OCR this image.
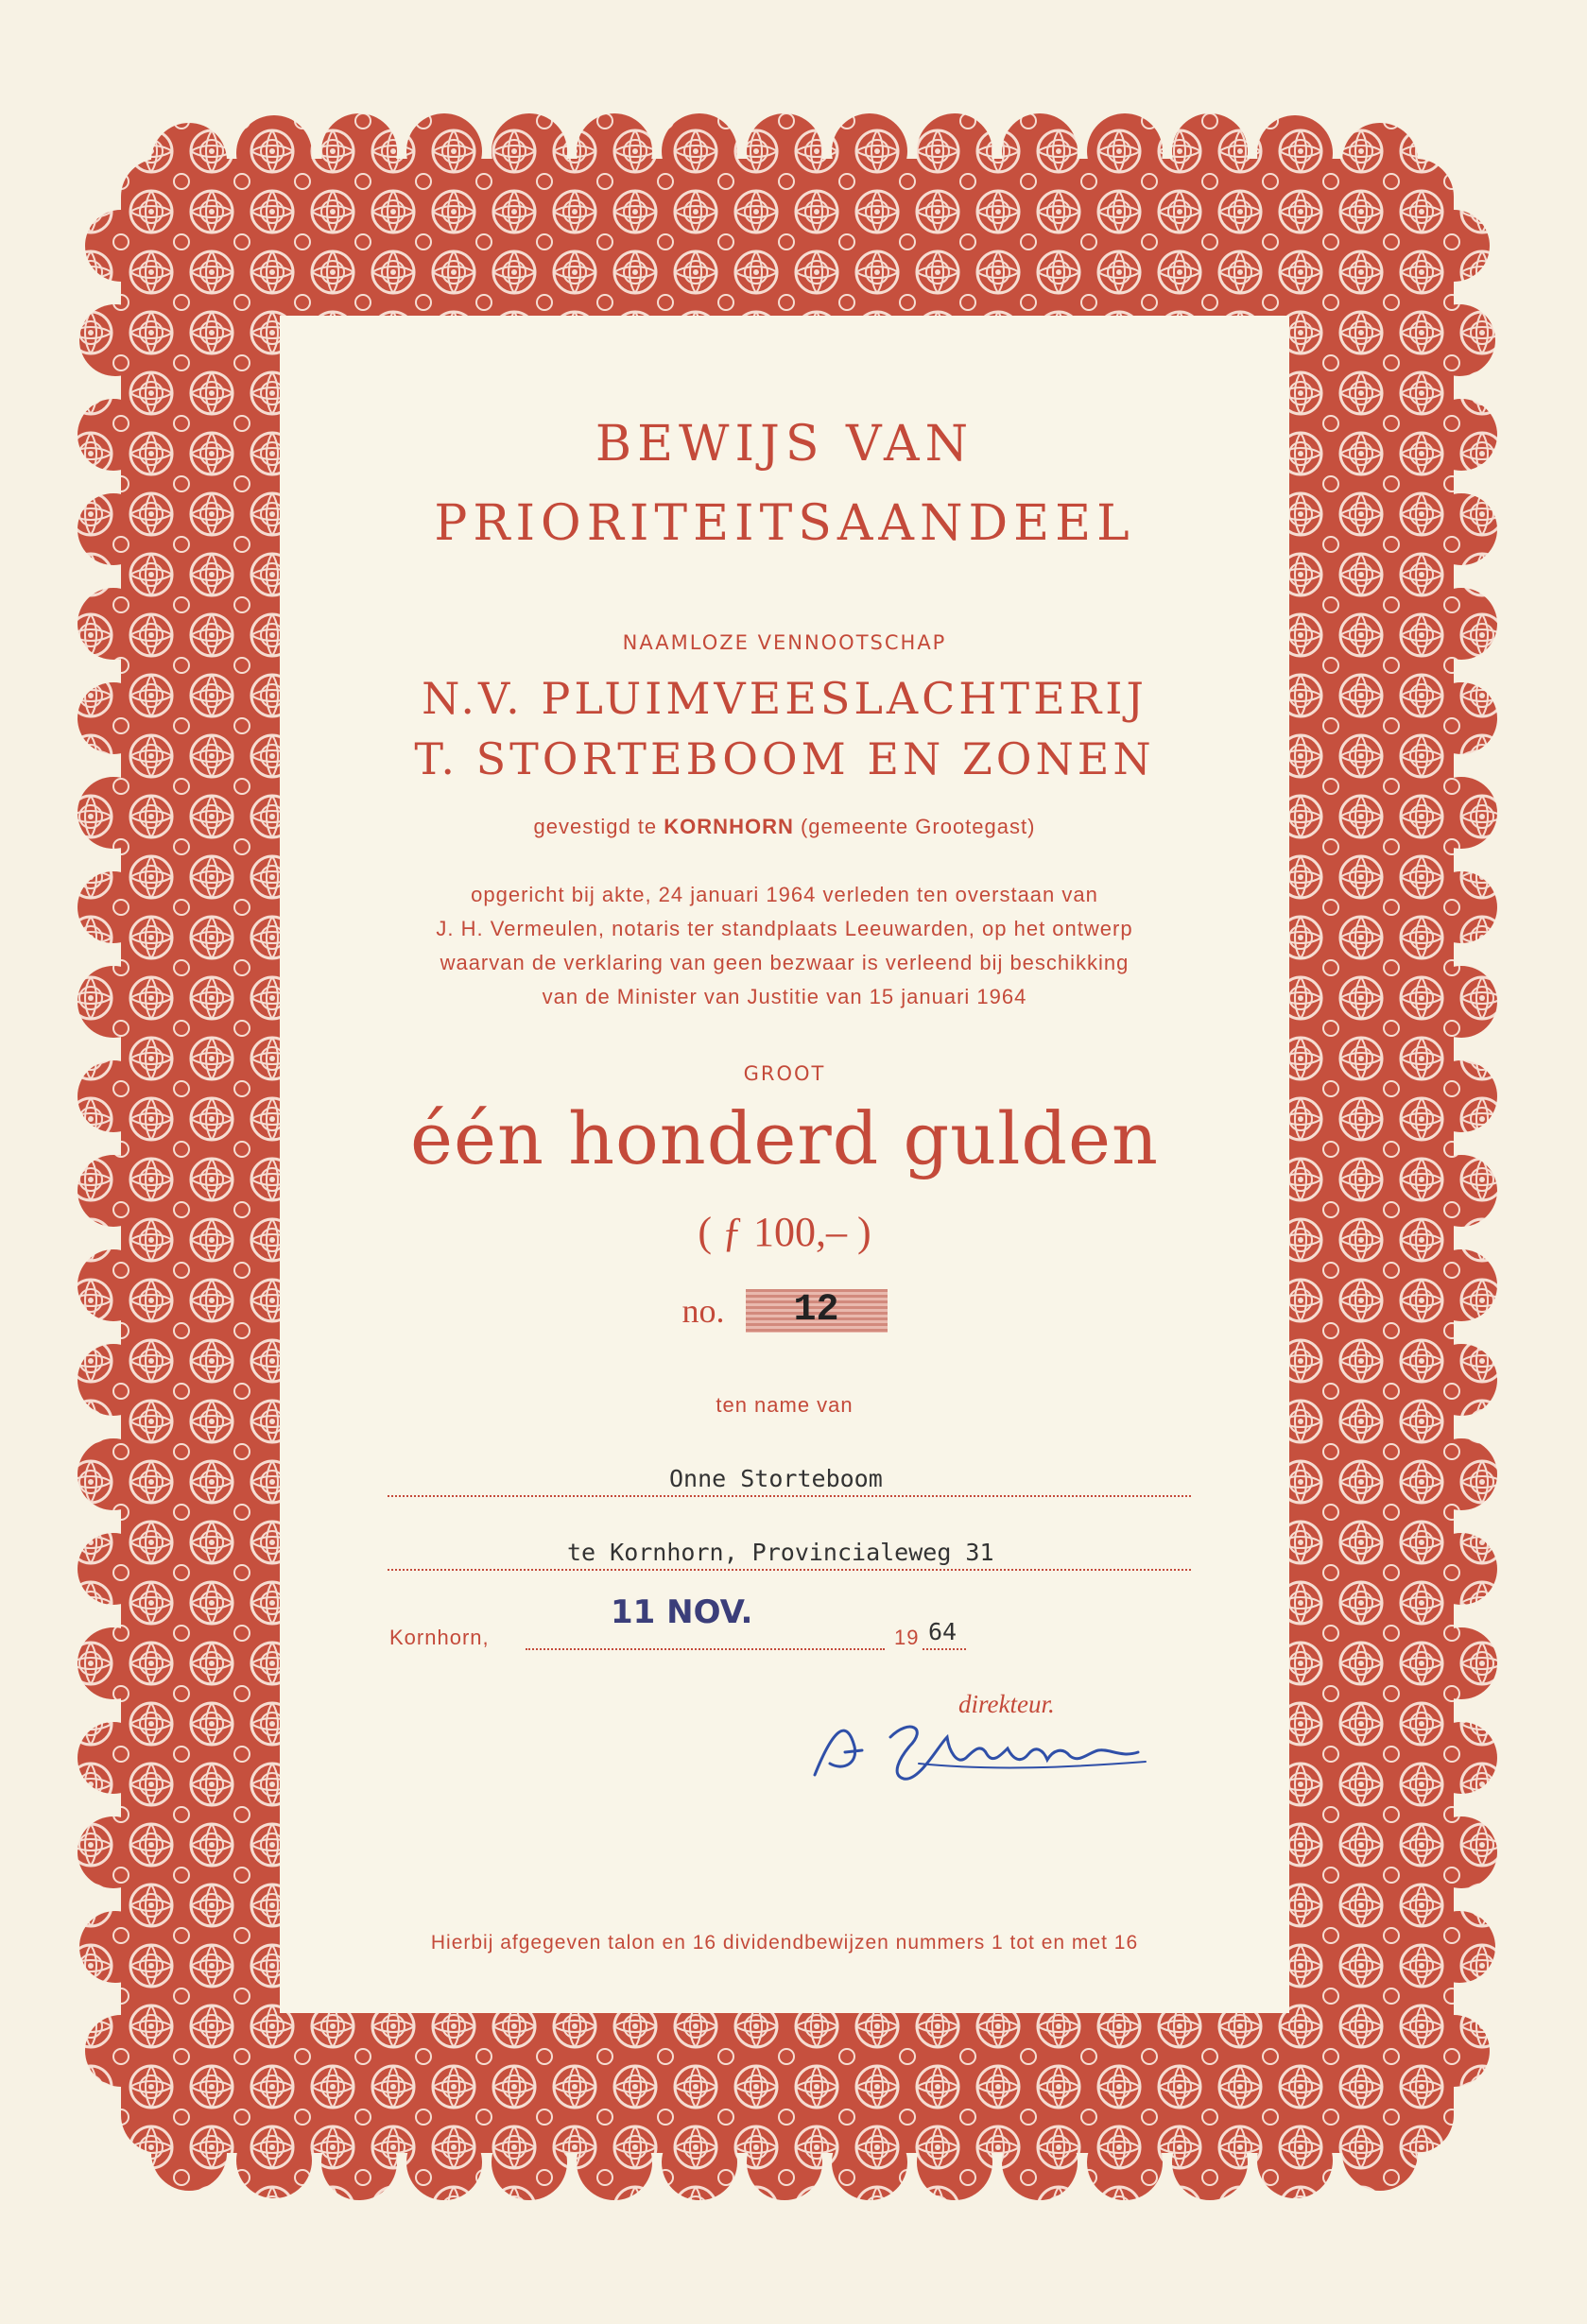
BEWIJS VAN

PRIORITEITSAANDEEL

NAAMLOZE VENNOOTSCHAP

N.V. PLUIMVEESLACHTERIJ

T. STORTEBOOM EN ZONEN

gevestigd te KORNHORN (gemeente Grootegast)

opgericht bij akte, 24 januari 1964 verleden ten overstaan van

J. H. Vermeulen, notaris ter standplaats Leeuwarden, op het ontwerp

waarvan de verklaring van geen bezwaar is verleend bij beschikking

van de Minister van Justitie van 15 januari 1964

GROOT

één honderd gulden

( ƒ 100,– )

no. 12

ten name van

Onne Storteboom
te Kornhorn, Provincialeweg 31
Kornhorn,
11 NOV.
19 64
direkteur.

Hierbij afgegeven talon en 16 dividendbewijzen nummers 1 tot en met 16
